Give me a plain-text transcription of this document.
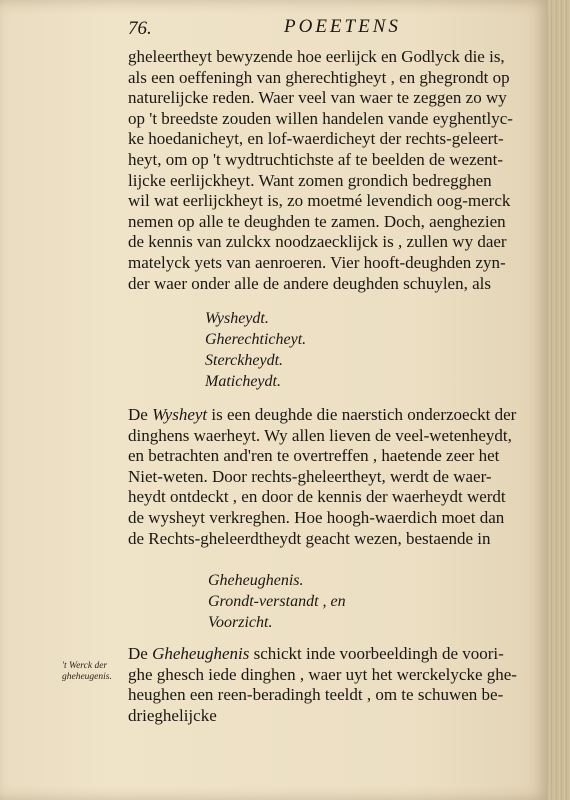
76.	POEETENS
gheleertheyt bewyzende hoe eerlijck en Godlyck die is,
als een oeffeningh van gherechtigheyt , en ghegrondt op
naturelijcke reden. Waer veel van waer te zeggen zo wy
op 't breedste zouden willen handelen vande eyghentlyc-
ke hoedanicheyt, en lof-waerdicheyt der rechts-geleert-
heyt, om op 't wydtruchtichste af te beelden de wezent-
lijcke eerlijckheyt. Want zomen grondich bedregghen
wil wat eerlijckheyt is, zo moetmé levendich oog-merck
nemen op alle te deughden te zamen. Doch, aenghezien
de kennis van zulckx noodzaecklijck is , zullen wy daer
matelyck yets van aenroeren. Vier hooft-deughden zyn-
der waer onder alle de andere deughden schuylen, als
Wysheydt.
Gherechticheyt.
Sterckheydt.
Maticheydt.
De Wysheyt is een deughde die naerstich onderzoeckt der
dinghens waerheyt. Wy allen lieven de veel-wetenheydt,
en betrachten and'ren te overtreffen , haetende zeer het
Niet-weten. Door rechts-gheleertheyt, werdt de waer-
heydt ontdeckt , en door de kennis der waerheydt werdt
de wysheyt verkreghen. Hoe hoogh-waerdich moet dan
de Rechts-gheleerdtheydt geacht wezen, bestaende in
Gheheughenis.
Grondt-verstandt , en
Voorzicht.
't Werck der
gheheugenis.
De Gheheughenis schickt inde voorbeeldingh de voori-
ghe ghesch iede dinghen , waer uyt het werckelycke ghe-
heughen een reen-beradingh teeldt , om te schuwen be-
drieghelijcke
